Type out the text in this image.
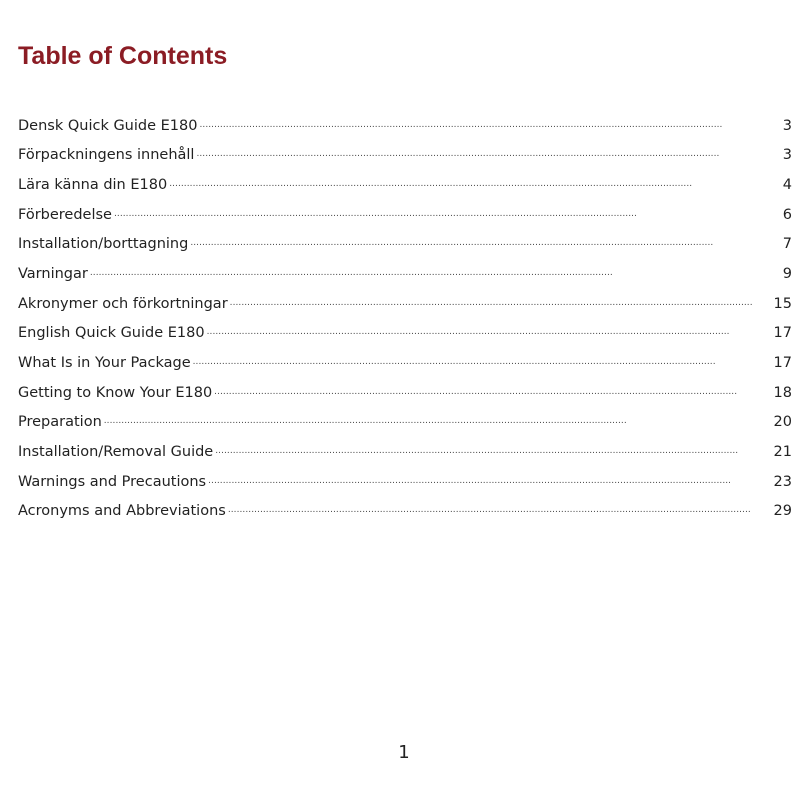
Table of Contents
Densk Quick Guide E180 . . .	3
Förpackningens innehåll . . .	3
Lära känna din E180 . . .	4
Förberedelse . . .	6
Installation/borttagning . . .	7
Varningar . . .	9
Akronymer och förkortningar . . .	15
English Quick Guide E180 . . .	17
What Is in Your Package . . .	17
Getting to Know Your E180 . . .	18
Preparation . . .	20
Installation/Removal Guide . . .	21
Warnings and Precautions . . .	23
Acronyms and Abbreviations . . .	29
1
